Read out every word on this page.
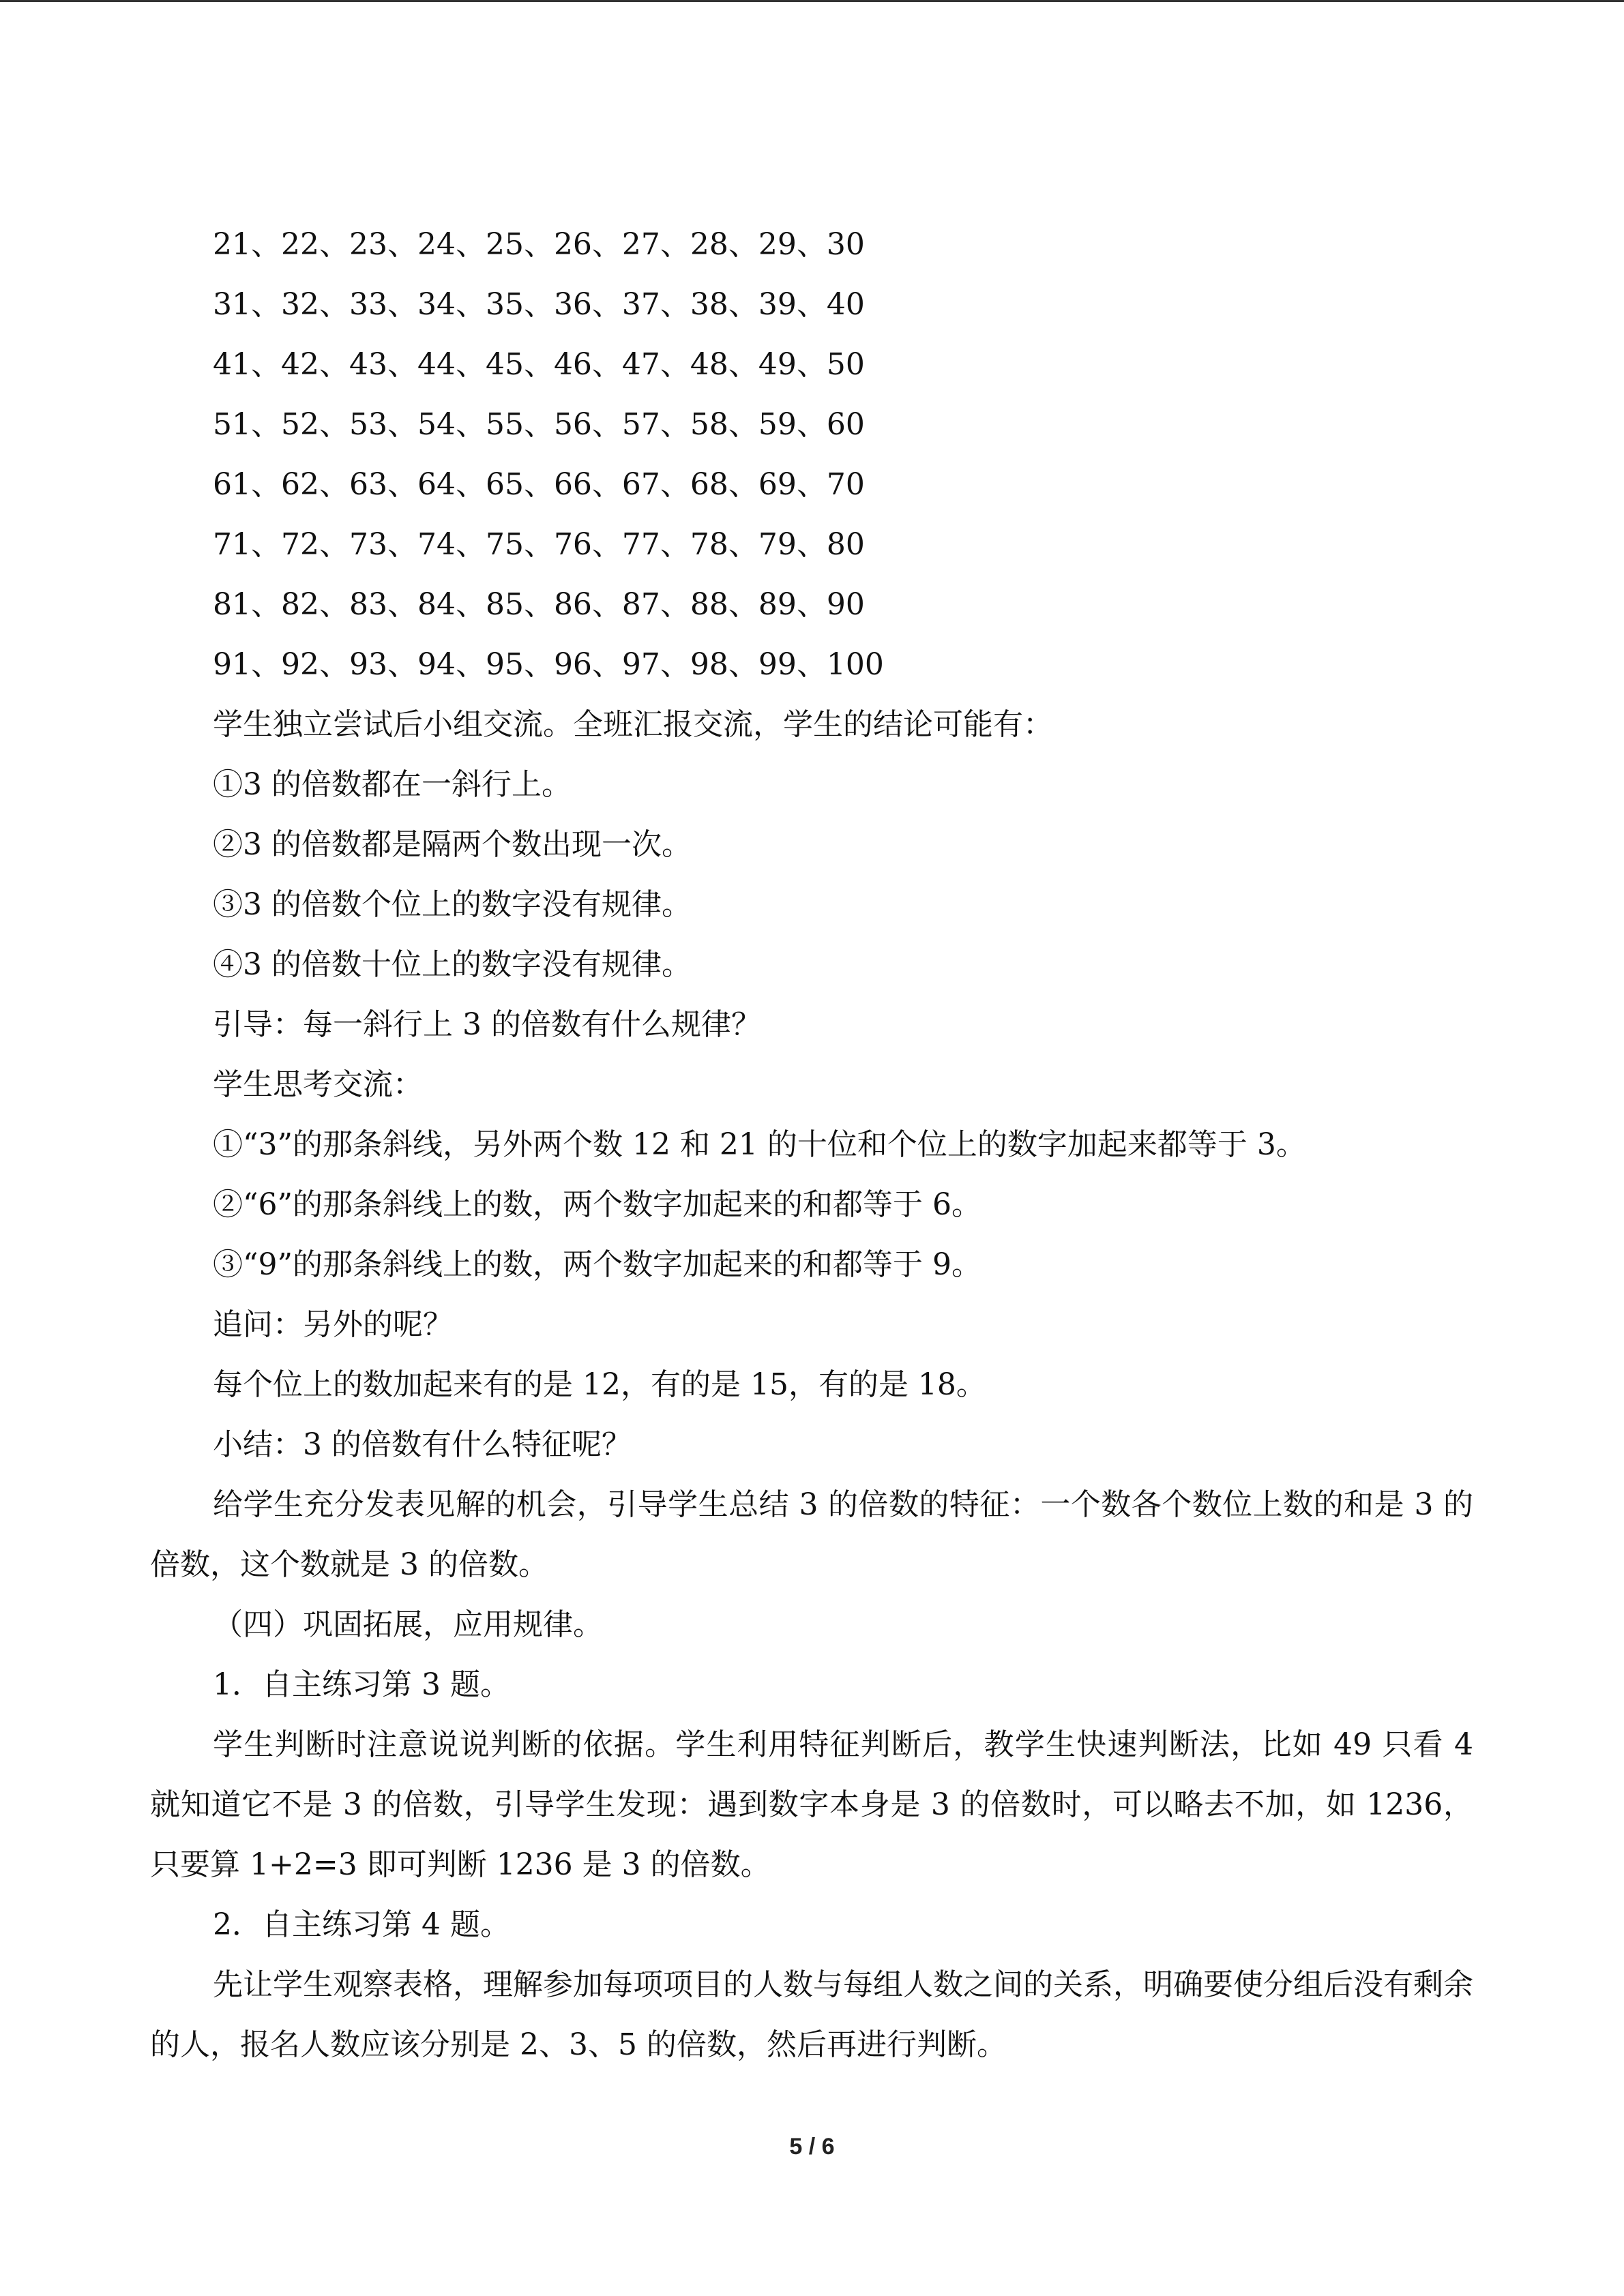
21、22、23、24、25、26、27、28、29、30
31、32、33、34、35、36、37、38、39、40
41、42、43、44、45、46、47、48、49、50
51、52、53、54、55、56、57、58、59、60
61、62、63、64、65、66、67、68、69、70
71、72、73、74、75、76、77、78、79、80
81、82、83、84、85、86、87、88、89、90
91、92、93、94、95、96、97、98、99、100
学生独立尝试后小组交流。全班汇报交流，学生的结论可能有：
①3 的倍数都在一斜行上。
②3 的倍数都是隔两个数出现一次。
③3 的倍数个位上的数字没有规律。
④3 的倍数十位上的数字没有规律。
引导：每一斜行上 3 的倍数有什么规律？
学生思考交流：
①“3”的那条斜线，另外两个数 12 和 21 的十位和个位上的数字加起来都等于 3。
②“6”的那条斜线上的数，两个数字加起来的和都等于 6。
③“9”的那条斜线上的数，两个数字加起来的和都等于 9。
追问：另外的呢？
每个位上的数加起来有的是 12，有的是 15，有的是 18。
小结：3 的倍数有什么特征呢？
给学生充分发表见解的机会，引导学生总结 3 的倍数的特征：一个数各个数位上数的和是 3 的倍数，这个数就是 3 的倍数。
（四）巩固拓展，应用规律。
1．自主练习第 3 题。
学生判断时注意说说判断的依据。学生利用特征判断后，教学生快速判断法，比如 49 只看 4 就知道它不是 3 的倍数，引导学生发现：遇到数字本身是 3 的倍数时，可以略去不加，如 1236，只要算 1+2=3 即可判断 1236 是 3 的倍数。
2．自主练习第 4 题。
先让学生观察表格，理解参加每项项目的人数与每组人数之间的关系，明确要使分组后没有剩余的人，报名人数应该分别是 2、3、5 的倍数，然后再进行判断。
5 / 6
